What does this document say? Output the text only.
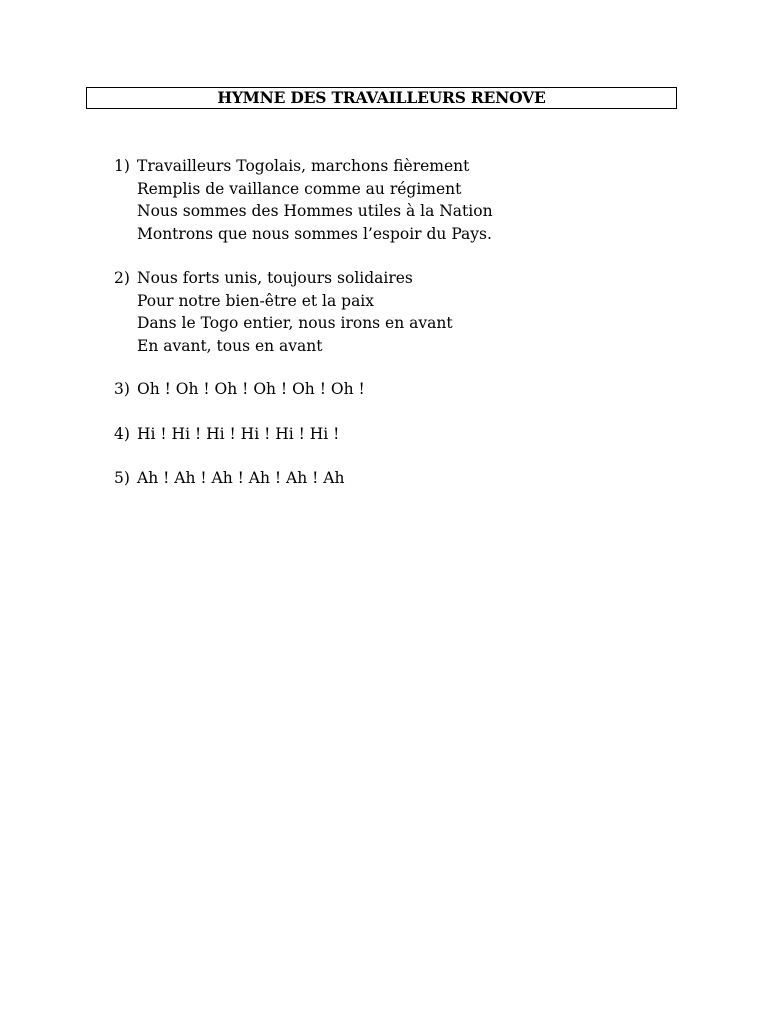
HYMNE DES TRAVAILLEURS RENOVE
1) Travailleurs Togolais, marchons fièrement
Remplis de vaillance comme au régiment
Nous sommes des Hommes utiles à la Nation
Montrons que nous sommes l’espoir du Pays.
2) Nous forts unis, toujours solidaires
Pour notre bien-être et la paix
Dans le Togo entier, nous irons en avant
En avant, tous en avant
3) Oh ! Oh ! Oh ! Oh ! Oh ! Oh !
4) Hi ! Hi ! Hi ! Hi ! Hi ! Hi !
5) Ah ! Ah ! Ah ! Ah ! Ah ! Ah
